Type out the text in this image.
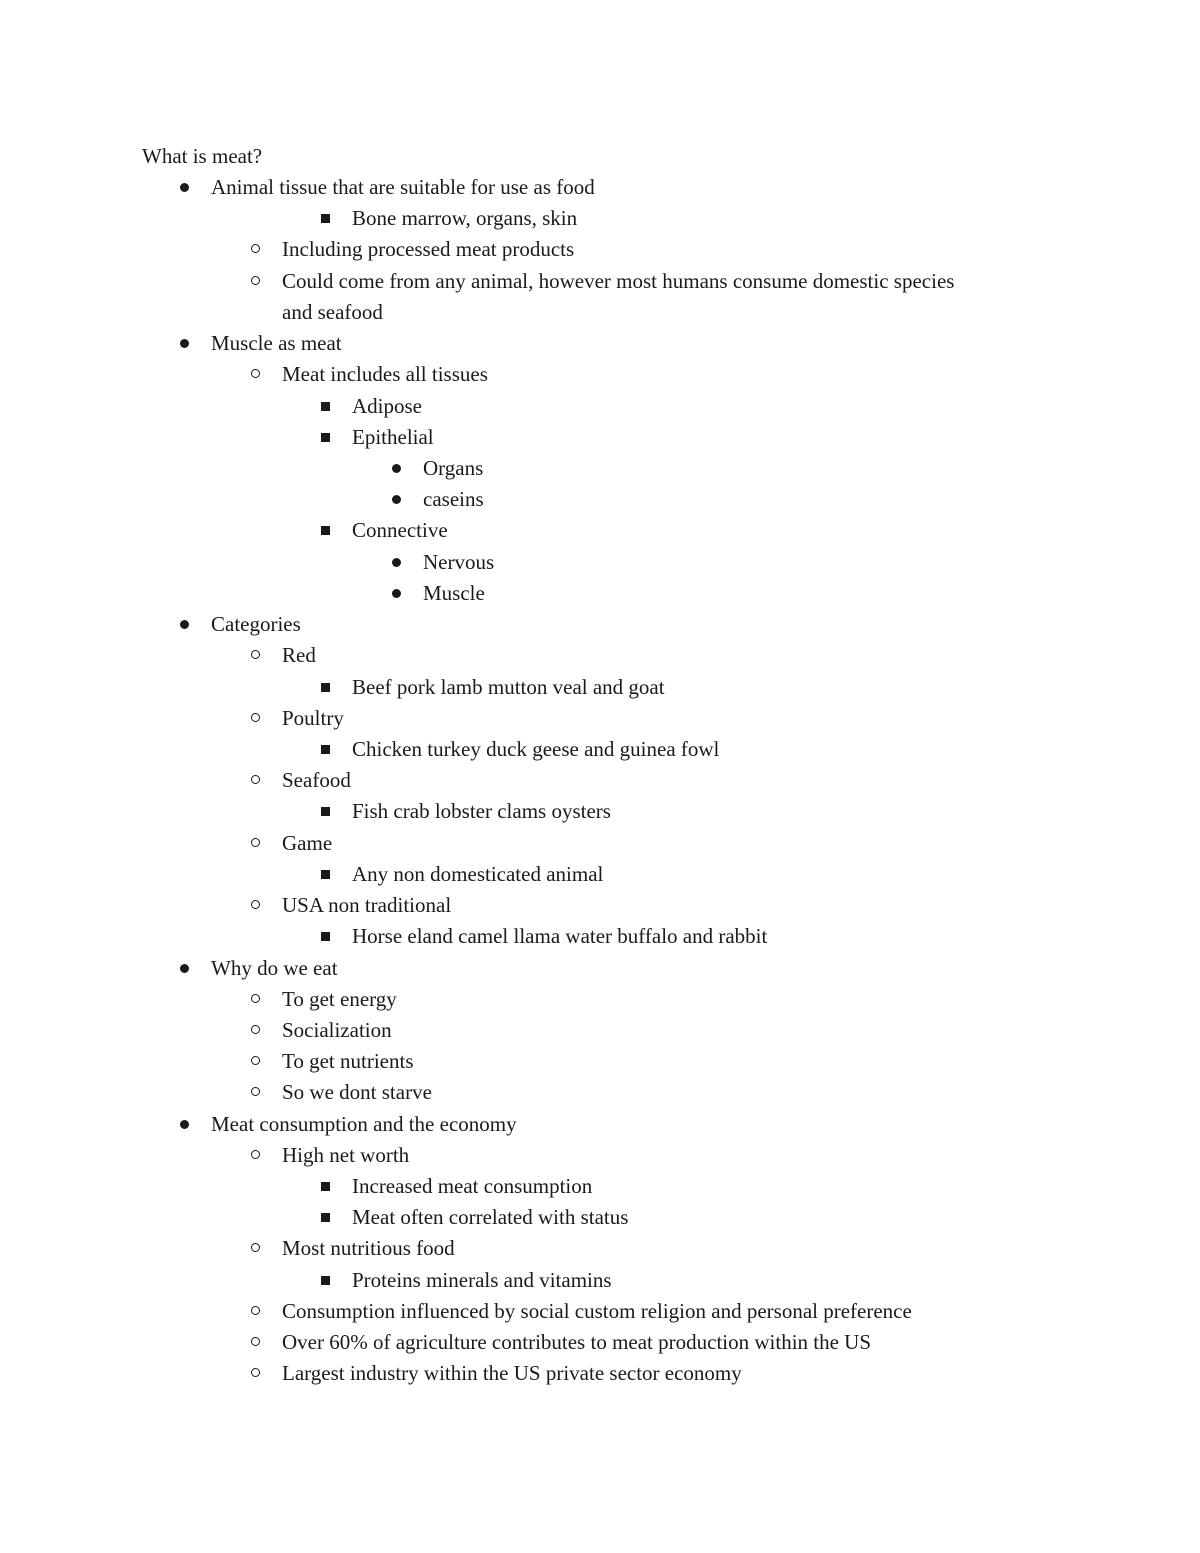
What is meat?
Animal tissue that are suitable for use as food
Bone marrow, organs, skin
Including processed meat products
Could come from any animal, however most humans consume domestic species
and seafood
Muscle as meat
Meat includes all tissues
Adipose
Epithelial
Organs
caseins
Connective
Nervous
Muscle
Categories
Red
Beef pork lamb mutton veal and goat
Poultry
Chicken turkey duck geese and guinea fowl
Seafood
Fish crab lobster clams oysters
Game
Any non domesticated animal
USA non traditional
Horse eland camel llama water buffalo and rabbit
Why do we eat
To get energy
Socialization
To get nutrients
So we dont starve
Meat consumption and the economy
High net worth
Increased meat consumption
Meat often correlated with status
Most nutritious food
Proteins minerals and vitamins
Consumption influenced by social custom religion and personal preference
Over 60% of agriculture contributes to meat production within the US
Largest industry within the US private sector economy
